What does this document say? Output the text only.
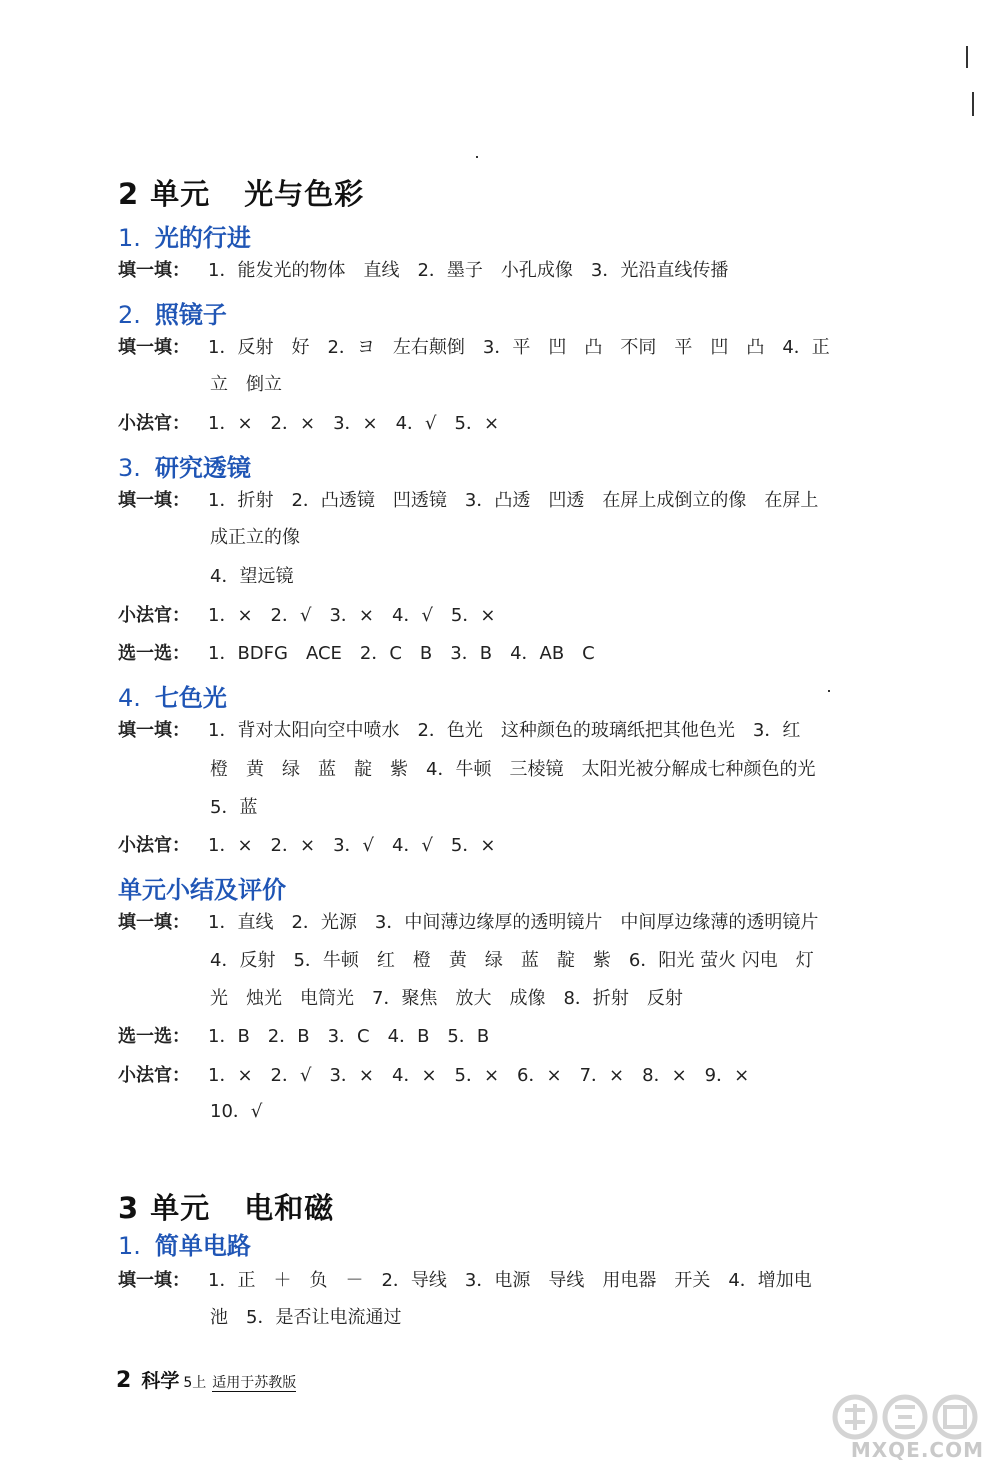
2 单元 光与色彩
1. 光的行进
填一填： 1．能发光的物体　直线　2．墨子　小孔成像　3．光沿直线传播
2. 照镜子
填一填： 1．反射　好　2．ヨ　左右颠倒　3．平　凹　凸　不同　平　凹　凸　4．正
立　倒立
小法官： 1．×　2．×　3．×　4．√　5．×
3. 研究透镜
填一填： 1．折射　2．凸透镜　凹透镜　3．凸透　凹透　在屏上成倒立的像　在屏上
成正立的像
4．望远镜
小法官： 1．×　2．√　3．×　4．√　5．×
选一选： 1．BDFG　ACE　2．C　B　3．B　4．AB　C
4. 七色光
填一填： 1．背对太阳向空中喷水　2．色光　这种颜色的玻璃纸把其他色光　3．红
橙　黄　绿　蓝　靛　紫　4．牛顿　三棱镜　太阳光被分解成七种颜色的光
5．蓝
小法官： 1．×　2．×　3．√　4．√　5．×
单元小结及评价
填一填： 1．直线　2．光源　3．中间薄边缘厚的透明镜片　中间厚边缘薄的透明镜片
4．反射　5．牛顿　红　橙　黄　绿　蓝　靛　紫　6．阳光 萤火 闪电　灯
光　烛光　电筒光　7．聚焦　放大　成像　8．折射　反射
选一选： 1．B　2．B　3．C　4．B　5．B
小法官： 1．×　2．√　3．×　4．×　5．×　6．×　7．×　8．×　9．×
10．√
3 单元 电和磁
1. 简单电路
填一填： 1．正　＋　负　－　2．导线　3．电源　导线　用电器　开关　4．增加电
池　5．是否让电流通过
2 科学 5上 适用于苏教版
MXQE.COM
